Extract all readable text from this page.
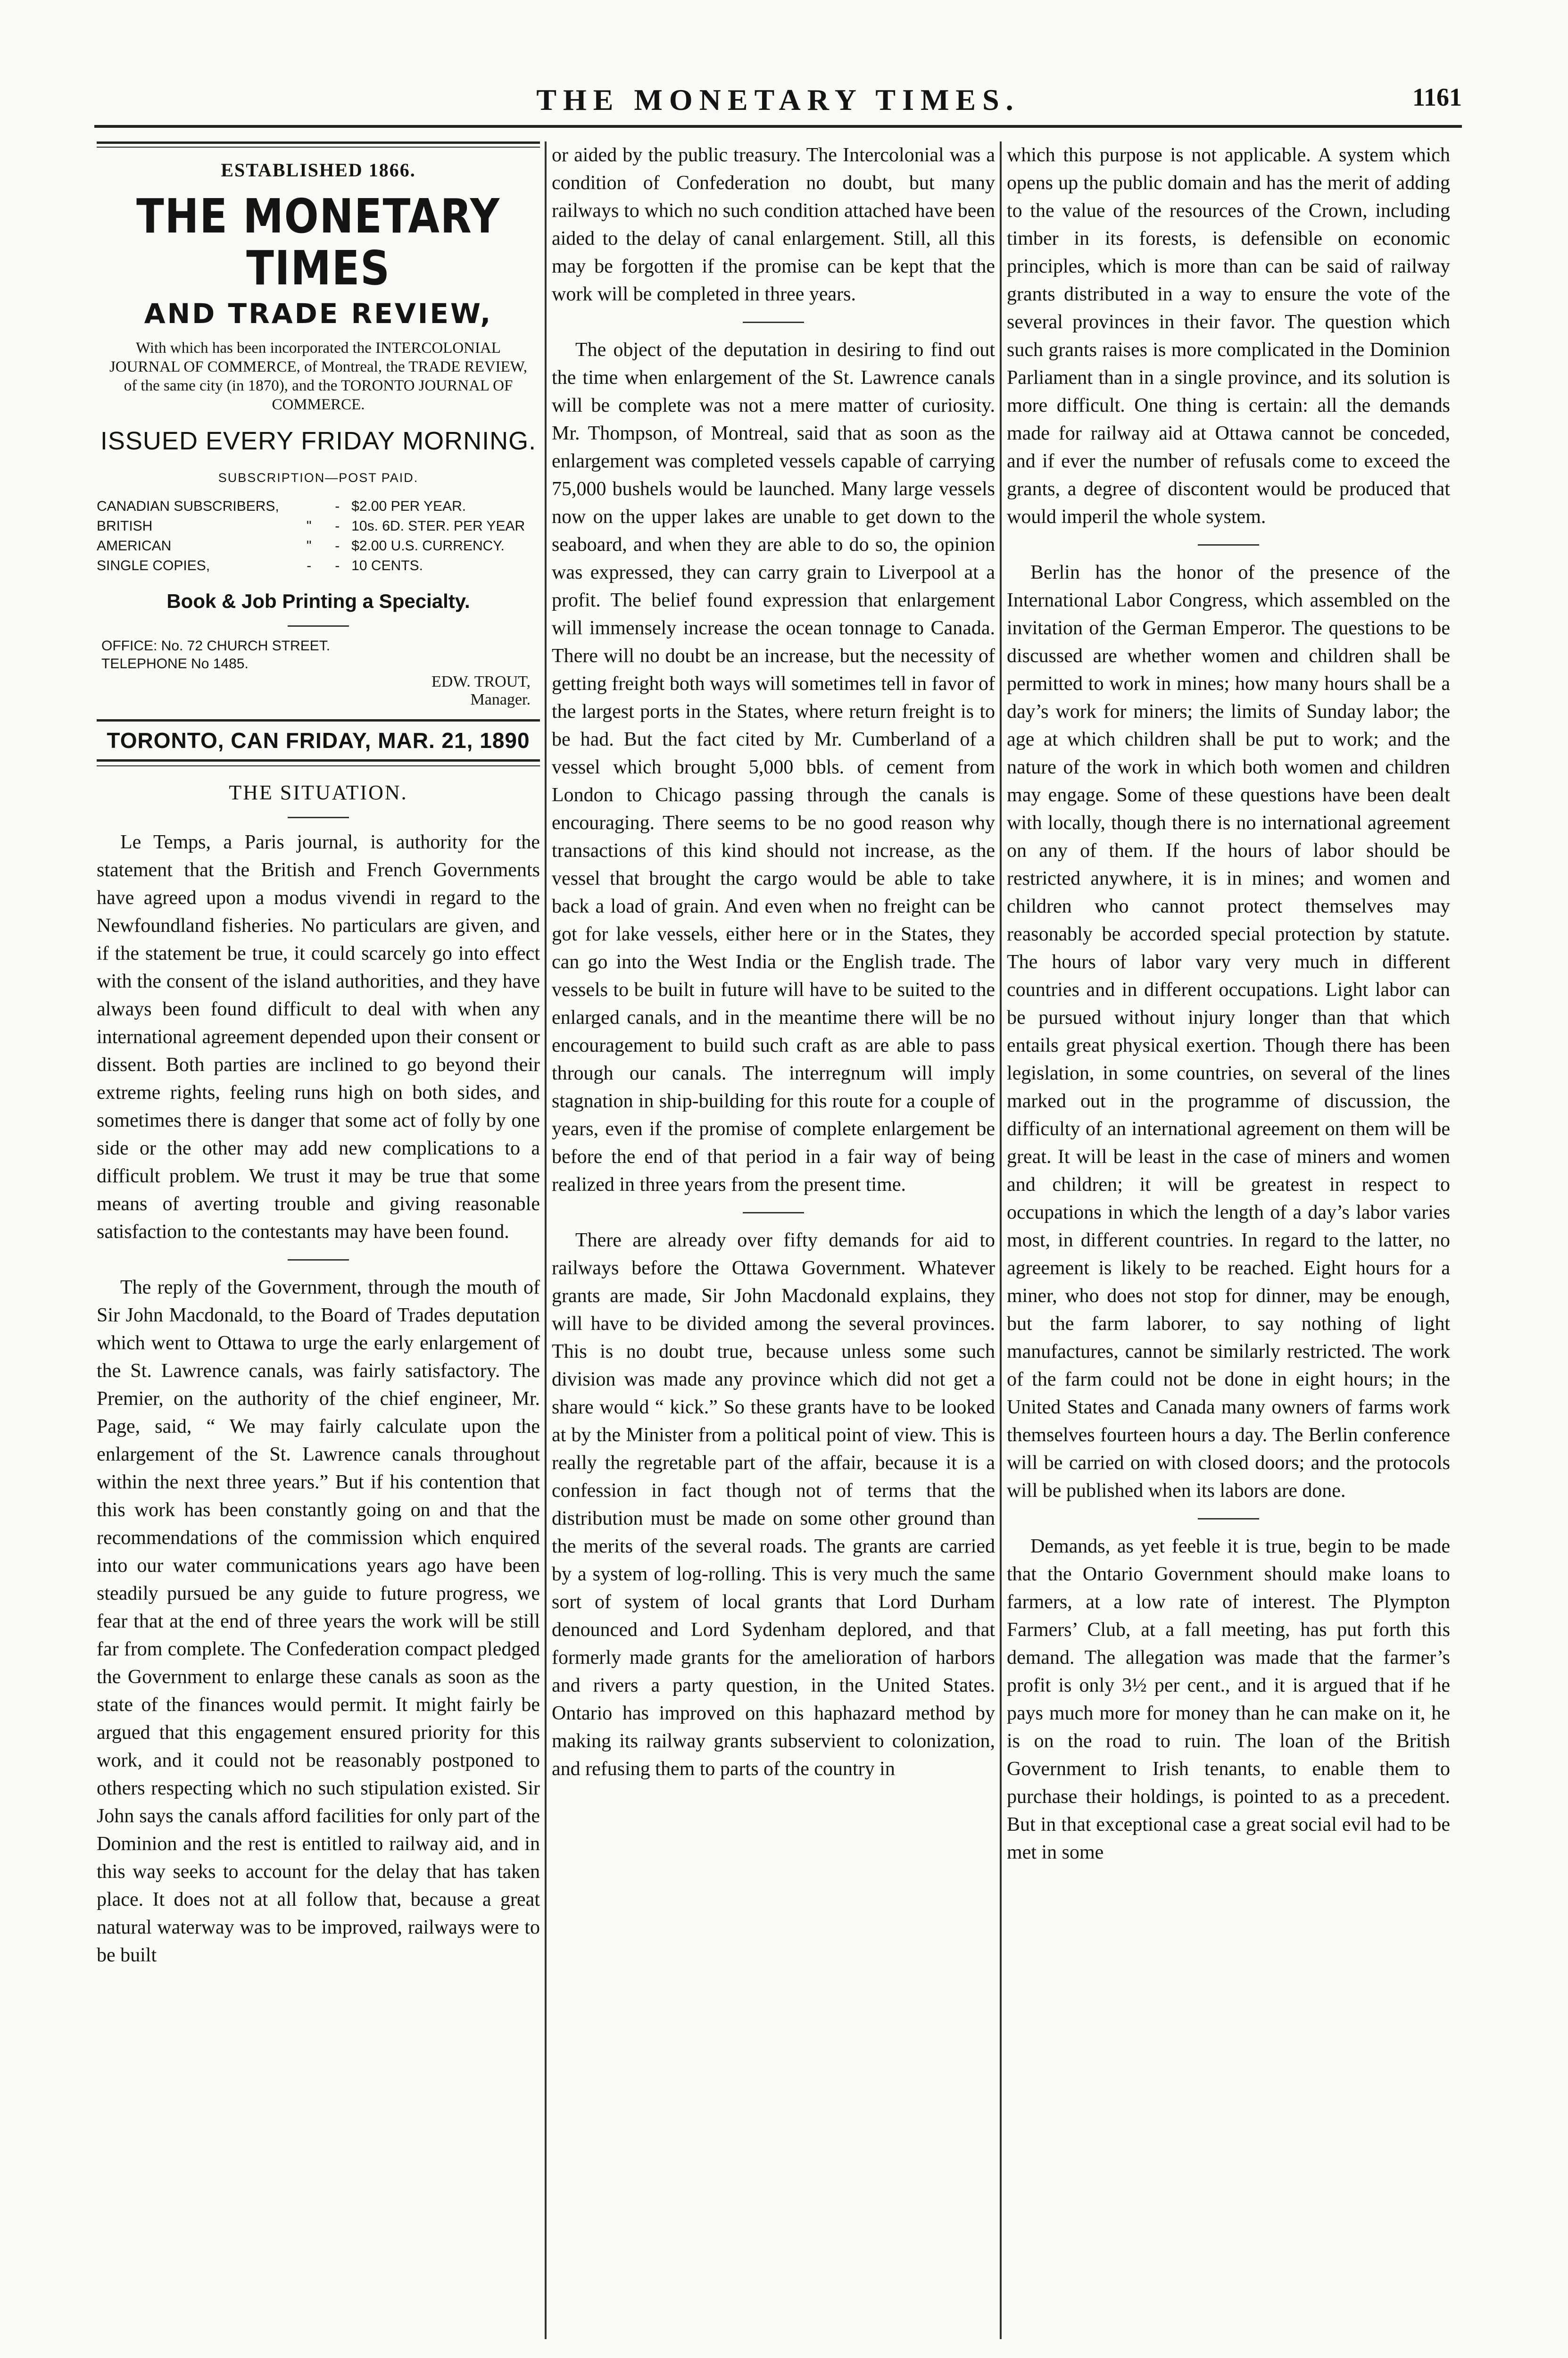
THE MONETARY TIMES.	1161
ESTABLISHED 1866.
THE MONETARY TIMES
AND TRADE REVIEW,
With which has been incorporated the INTERCOLONIAL JOURNAL OF COMMERCE, of Montreal, the TRADE REVIEW, of the same city (in 1870), and the TORONTO JOURNAL OF COMMERCE.
ISSUED EVERY FRIDAY MORNING.
SUBSCRIPTION—POST PAID.
CANADIAN SUBSCRIBERS,		-	$2.00 PER YEAR.
BRITISH	"	-	10s. 6D. STER. PER YEAR
AMERICAN	"	-	$2.00 U.S. CURRENCY.
SINGLE COPIES,	-	-	10 CENTS.
Book & Job Printing a Specialty.
OFFICE: No. 72 CHURCH STREET.
TELEPHONE No 1485.
EDW. TROUT,
Manager.
TORONTO, CAN FRIDAY, MAR. 21, 1890
THE SITUATION.

Le Temps, a Paris journal, is authority for the statement that the British and French Governments have agreed upon a modus vivendi in regard to the Newfoundland fisheries. No particulars are given, and if the statement be true, it could scarcely go into effect with the consent of the island authorities, and they have always been found difficult to deal with when any international agreement depended upon their consent or dissent. Both parties are inclined to go beyond their extreme rights, feeling runs high on both sides, and sometimes there is danger that some act of folly by one side or the other may add new complications to a difficult problem. We trust it may be true that some means of averting trouble and giving reasonable satisfaction to the contestants may have been found.

The reply of the Government, through the mouth of Sir John Macdonald, to the Board of Trades deputation which went to Ottawa to urge the early enlargement of the St. Lawrence canals, was fairly satisfactory. The Premier, on the authority of the chief engineer, Mr. Page, said, “ We may fairly calculate upon the enlargement of the St. Lawrence canals throughout within the next three years.” But if his contention that this work has been constantly going on and that the recommendations of the commission which enquired into our water communications years ago have been steadily pursued be any guide to future progress, we fear that at the end of three years the work will be still far from complete. The Confederation compact pledged the Government to enlarge these canals as soon as the state of the finances would permit. It might fairly be argued that this engagement ensured priority for this work, and it could not be reasonably postponed to others respecting which no such stipulation existed. Sir John says the canals afford facilities for only part of the Dominion and the rest is entitled to railway aid, and in this way seeks to account for the delay that has taken place. It does not at all follow that, because a great natural waterway was to be improved, railways were to be built

or aided by the public treasury. The Intercolonial was a condition of Confederation no doubt, but many railways to which no such condition attached have been aided to the delay of canal enlargement. Still, all this may be forgotten if the promise can be kept that the work will be completed in three years.

The object of the deputation in desiring to find out the time when enlargement of the St. Lawrence canals will be complete was not a mere matter of curiosity. Mr. Thompson, of Montreal, said that as soon as the enlargement was completed vessels capable of carrying 75,000 bushels would be launched. Many large vessels now on the upper lakes are unable to get down to the seaboard, and when they are able to do so, the opinion was expressed, they can carry grain to Liverpool at a profit. The belief found expression that enlargement will immensely increase the ocean tonnage to Canada. There will no doubt be an increase, but the necessity of getting freight both ways will sometimes tell in favor of the largest ports in the States, where return freight is to be had. But the fact cited by Mr. Cumberland of a vessel which brought 5,000 bbls. of cement from London to Chicago passing through the canals is encouraging. There seems to be no good reason why transactions of this kind should not increase, as the vessel that brought the cargo would be able to take back a load of grain. And even when no freight can be got for lake vessels, either here or in the States, they can go into the West India or the English trade. The vessels to be built in future will have to be suited to the enlarged canals, and in the meantime there will be no encouragement to build such craft as are able to pass through our canals. The interregnum will imply stagnation in ship-building for this route for a couple of years, even if the promise of complete enlargement be before the end of that period in a fair way of being realized in three years from the present time.

There are already over fifty demands for aid to railways before the Ottawa Government. Whatever grants are made, Sir John Macdonald explains, they will have to be divided among the several provinces. This is no doubt true, because unless some such division was made any province which did not get a share would “ kick.” So these grants have to be looked at by the Minister from a political point of view. This is really the regretable part of the affair, because it is a confession in fact though not of terms that the distribution must be made on some other ground than the merits of the several roads. The grants are carried by a system of log-rolling. This is very much the same sort of system of local grants that Lord Durham denounced and Lord Sydenham deplored, and that formerly made grants for the amelioration of harbors and rivers a party question, in the United States. Ontario has improved on this haphazard method by making its railway grants subservient to colonization, and refusing them to parts of the country in

which this purpose is not applicable. A system which opens up the public domain and has the merit of adding to the value of the resources of the Crown, including timber in its forests, is defensible on economic principles, which is more than can be said of railway grants distributed in a way to ensure the vote of the several provinces in their favor. The question which such grants raises is more complicated in the Dominion Parliament than in a single province, and its solution is more difficult. One thing is certain: all the demands made for railway aid at Ottawa cannot be conceded, and if ever the number of refusals come to exceed the grants, a degree of discontent would be produced that would imperil the whole system.

Berlin has the honor of the presence of the International Labor Congress, which assembled on the invitation of the German Emperor. The questions to be discussed are whether women and children shall be permitted to work in mines; how many hours shall be a day’s work for miners; the limits of Sunday labor; the age at which children shall be put to work; and the nature of the work in which both women and children may engage. Some of these questions have been dealt with locally, though there is no international agreement on any of them. If the hours of labor should be restricted anywhere, it is in mines; and women and children who cannot protect themselves may reasonably be accorded special protection by statute. The hours of labor vary very much in different countries and in different occupations. Light labor can be pursued without injury longer than that which entails great physical exertion. Though there has been legislation, in some countries, on several of the lines marked out in the programme of discussion, the difficulty of an international agreement on them will be great. It will be least in the case of miners and women and children; it will be greatest in respect to occupations in which the length of a day’s labor varies most, in different countries. In regard to the latter, no agreement is likely to be reached. Eight hours for a miner, who does not stop for dinner, may be enough, but the farm laborer, to say nothing of light manufactures, cannot be similarly restricted. The work of the farm could not be done in eight hours; in the United States and Canada many owners of farms work themselves fourteen hours a day. The Berlin conference will be carried on with closed doors; and the protocols will be published when its labors are done.

Demands, as yet feeble it is true, begin to be made that the Ontario Government should make loans to farmers, at a low rate of interest. The Plympton Farmers’ Club, at a fall meeting, has put forth this demand. The allegation was made that the farmer’s profit is only 3½ per cent., and it is argued that if he pays much more for money than he can make on it, he is on the road to ruin. The loan of the British Government to Irish tenants, to enable them to purchase their holdings, is pointed to as a precedent. But in that exceptional case a great social evil had to be met in some
